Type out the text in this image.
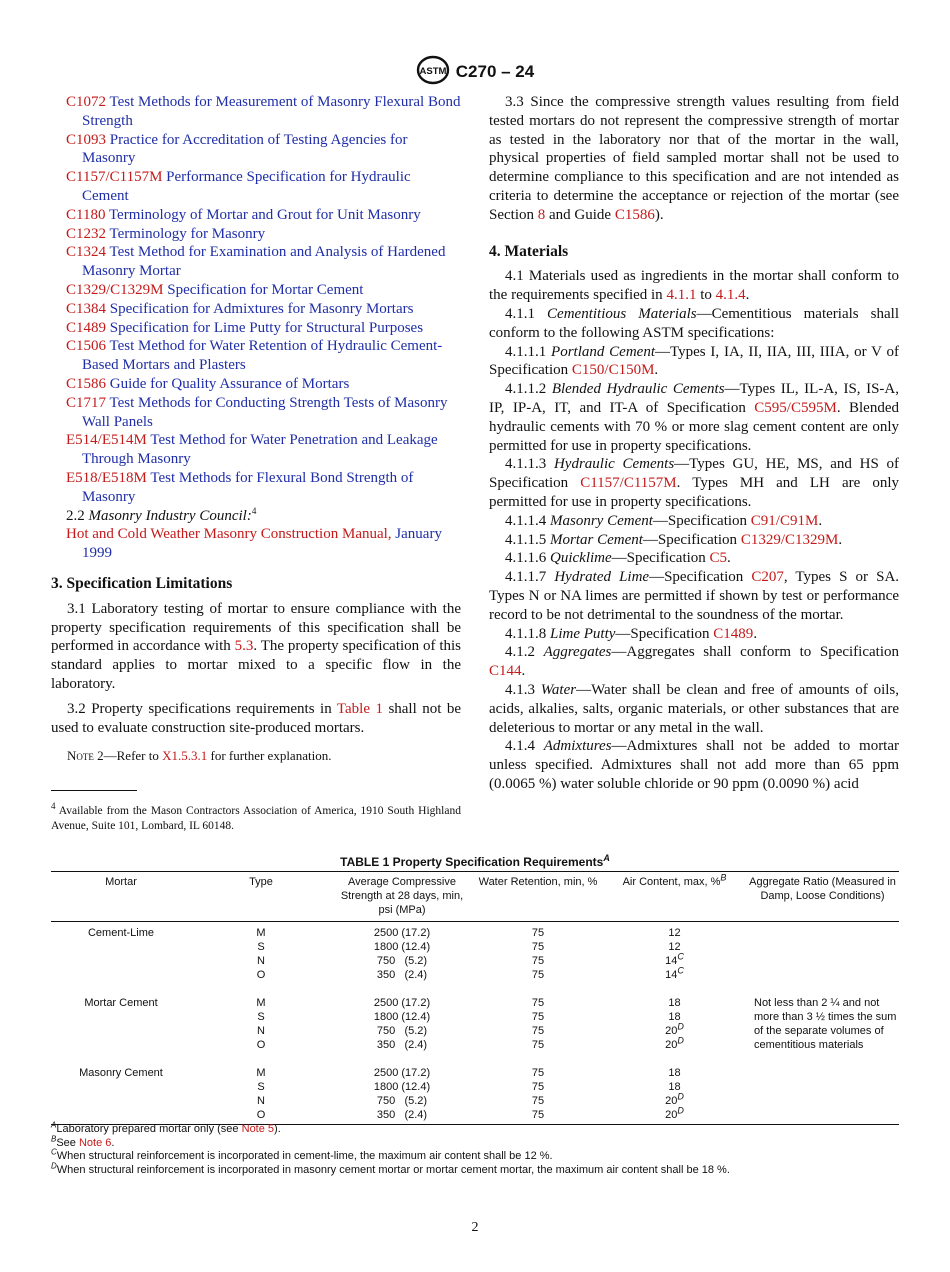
ASTM C270 – 24
C1072 Test Methods for Measurement of Masonry Flexural Bond Strength
C1093 Practice for Accreditation of Testing Agencies for Masonry
C1157/C1157M Performance Specification for Hydraulic Cement
C1180 Terminology of Mortar and Grout for Unit Masonry
C1232 Terminology for Masonry
C1324 Test Method for Examination and Analysis of Hardened Masonry Mortar
C1329/C1329M Specification for Mortar Cement
C1384 Specification for Admixtures for Masonry Mortars
C1489 Specification for Lime Putty for Structural Purposes
C1506 Test Method for Water Retention of Hydraulic Cement-Based Mortars and Plasters
C1586 Guide for Quality Assurance of Mortars
C1717 Test Methods for Conducting Strength Tests of Masonry Wall Panels
E514/E514M Test Method for Water Penetration and Leakage Through Masonry
E518/E518M Test Methods for Flexural Bond Strength of Masonry
2.2 Masonry Industry Council:$^4$
Hot and Cold Weather Masonry Construction Manual, January 1999
3. Specification Limitations

3.1 Laboratory testing of mortar to ensure compliance with the property specification requirements of this specification shall be performed in accordance with 5.3. The property specification of this standard applies to mortar mixed to a specific flow in the laboratory.

3.2 Property specifications requirements in Table 1 shall not be used to evaluate construction site-produced mortars.

Note 2—Refer to X1.5.3.1 for further explanation.
$^4$ Available from the Mason Contractors Association of America, 1910 South Highland Avenue, Suite 101, Lombard, IL 60148.

3.3 Since the compressive strength values resulting from field tested mortars do not represent the compressive strength of mortar as tested in the laboratory nor that of the mortar in the wall, physical properties of field sampled mortar shall not be used to determine compliance to this specification and are not intended as criteria to determine the acceptance or rejection of the mortar (see Section 8 and Guide C1586).

4. Materials

4.1 Materials used as ingredients in the mortar shall conform to the requirements specified in 4.1.1 to 4.1.4.

4.1.1 Cementitious Materials—Cementitious materials shall conform to the following ASTM specifications:

4.1.1.1 Portland Cement—Types I, IA, II, IIA, III, IIIA, or V of Specification C150/C150M.

4.1.1.2 Blended Hydraulic Cements—Types IL, IL-A, IS, IS-A, IP, IP-A, IT, and IT-A of Specification C595/C595M. Blended hydraulic cements with 70 % or more slag cement content are only permitted for use in property specifications.

4.1.1.3 Hydraulic Cements—Types GU, HE, MS, and HS of Specification C1157/C1157M. Types MH and LH are only permitted for use in property specifications.

4.1.1.4 Masonry Cement—Specification C91/C91M.

4.1.1.5 Mortar Cement—Specification C1329/C1329M.

4.1.1.6 Quicklime—Specification C5.

4.1.1.7 Hydrated Lime—Specification C207, Types S or SA. Types N or NA limes are permitted if shown by test or performance record to be not detrimental to the soundness of the mortar.

4.1.1.8 Lime Putty—Specification C1489.

4.1.2 Aggregates—Aggregates shall conform to Specification C144.

4.1.3 Water—Water shall be clean and free of amounts of oils, acids, alkalies, salts, organic materials, or other substances that are deleterious to mortar or any metal in the wall.

4.1.4 Admixtures—Admixtures shall not be added to mortar unless specified. Admixtures shall not add more than 65 ppm (0.0065 %) water soluble chloride or 90 ppm (0.0090 %) acid

TABLE 1 Property Specification Requirements$^A$
Mortar	Type	Average Compressive Strength at 28 days, min, psi (MPa)	Water Retention, min, %	Air Content, max, %$^B$	Aggregate Ratio (Measured in Damp, Loose Conditions)
Cement-Lime	M	2500 (17.2)	75	12	
	S	1800 (12.4)	75	12	
	N	750   (5.2)	75	$14^C$	
	O	350   (2.4)	75	$14^C$	
Mortar Cement	M	2500 (17.2)	75	18	Not less than 2 ¼ and not more than 3 ½ times the sum of the separate volumes of cementitious materials
	S	1800 (12.4)	75	18	
	N	750   (5.2)	75	$20^D$
	O	350   (2.4)	75	$20^D$
Masonry Cement	M	2500 (17.2)	75	18	
	S	1800 (12.4)	75	18	
	N	750   (5.2)	75	$20^D$	
	O	350   (2.4)	75	$20^D$	
$^A$Laboratory prepared mortar only (see Note 5).
$^B$See Note 6.
$^C$When structural reinforcement is incorporated in cement-lime, the maximum air content shall be 12 %.
$^D$When structural reinforcement is incorporated in masonry cement mortar or mortar cement mortar, the maximum air content shall be 18 %.
2
